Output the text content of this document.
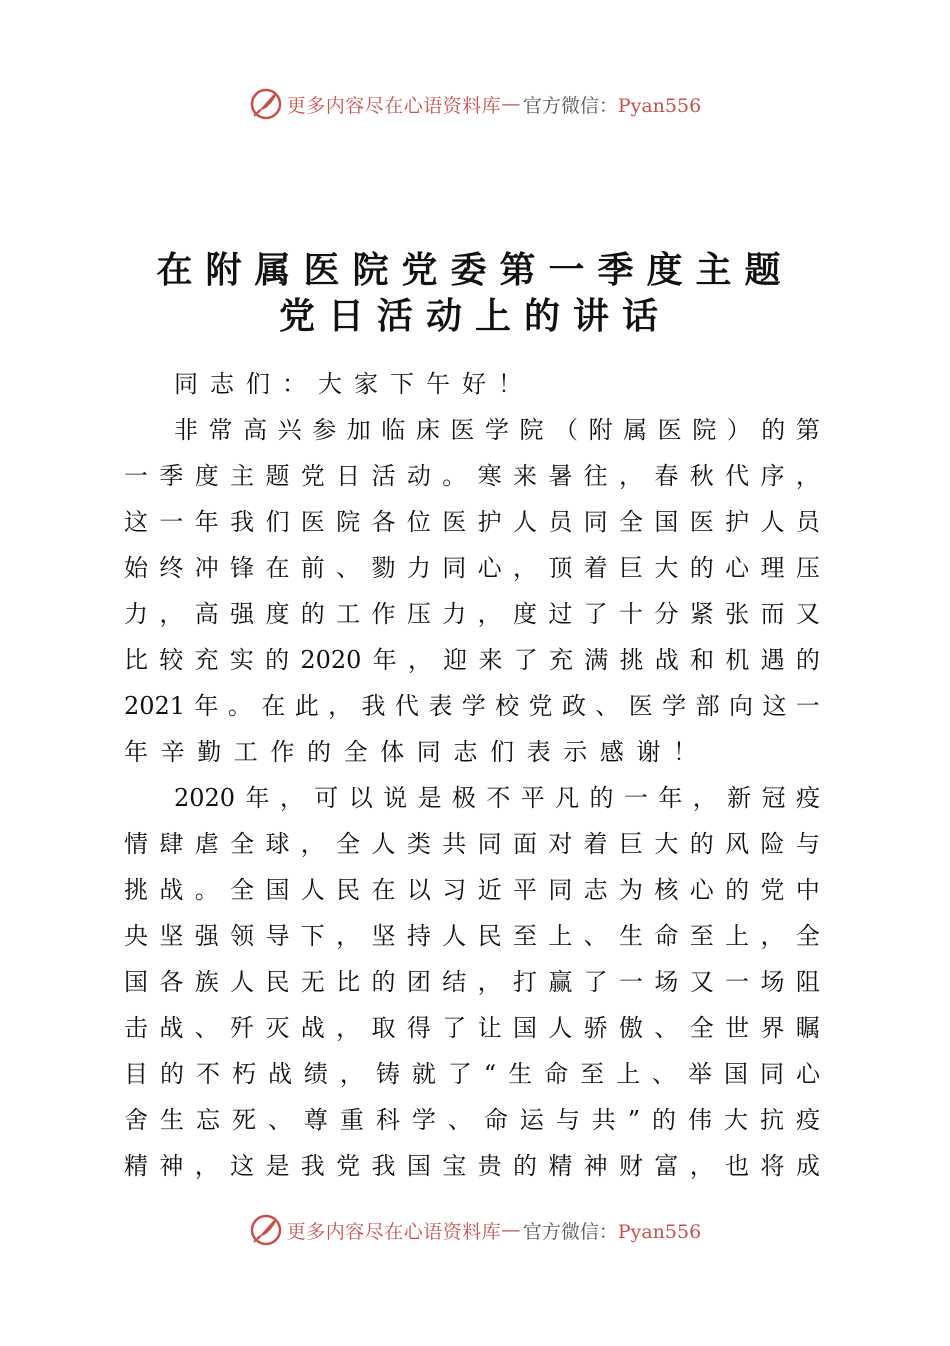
更多内容尽在心语资料库 — 官方微信：Pyan556
在附属医院党委第一季度主题
党日活动上的讲话
同志们：大家下午好！
非 常 高 兴 参 加 临 床 医 学 院 （ 附 属 医 院 ） 的 第
一 季 度 主 题 党 日 活 动 。 寒 来 暑 往 ， 春 秋 代 序 ，
这 一 年 我 们 医 院 各 位 医 护 人 员 同 全 国 医 护 人 员
始 终 冲 锋 在 前 、 勠 力 同 心 ， 顶 着 巨 大 的 心 理 压
力 ， 高 强 度 的 工 作 压 力 ， 度 过 了 十 分 紧 张 而 又
比 较 充 实 的 2020 年 ， 迎 来 了 充 满 挑 战 和 机 遇 的
2021 年 。 在 此 ， 我 代 表 学 校 党 政 、 医 学 部 向 这 一
年辛勤工作的全体同志们表示感谢！
2020 年 ， 可 以 说 是 极 不 平 凡 的 一 年 ， 新 冠 疫
情 肆 虐 全 球 ， 全 人 类 共 同 面 对 着 巨 大 的 风 险 与
挑 战 。 全 国 人 民 在 以 习 近 平 同 志 为 核 心 的 党 中
央 坚 强 领 导 下 ， 坚 持 人 民 至 上 、 生 命 至 上 ， 全
国 各 族 人 民 无 比 的 团 结 ， 打 赢 了 一 场 又 一 场 阻
击 战 、 歼 灭 战 ， 取 得 了 让 国 人 骄 傲 、 全 世 界 瞩
目 的 不 朽 战 绩 ， 铸 就 了 “ 生 命 至 上 、 举 国 同 心
舍 生 忘 死 、 尊 重 科 学 、 命 运 与 共 ” 的 伟 大 抗 疫
精 神 ， 这 是 我 党 我 国 宝 贵 的 精 神 财 富 ， 也 将 成
更多内容尽在心语资料库 — 官方微信：Pyan556
